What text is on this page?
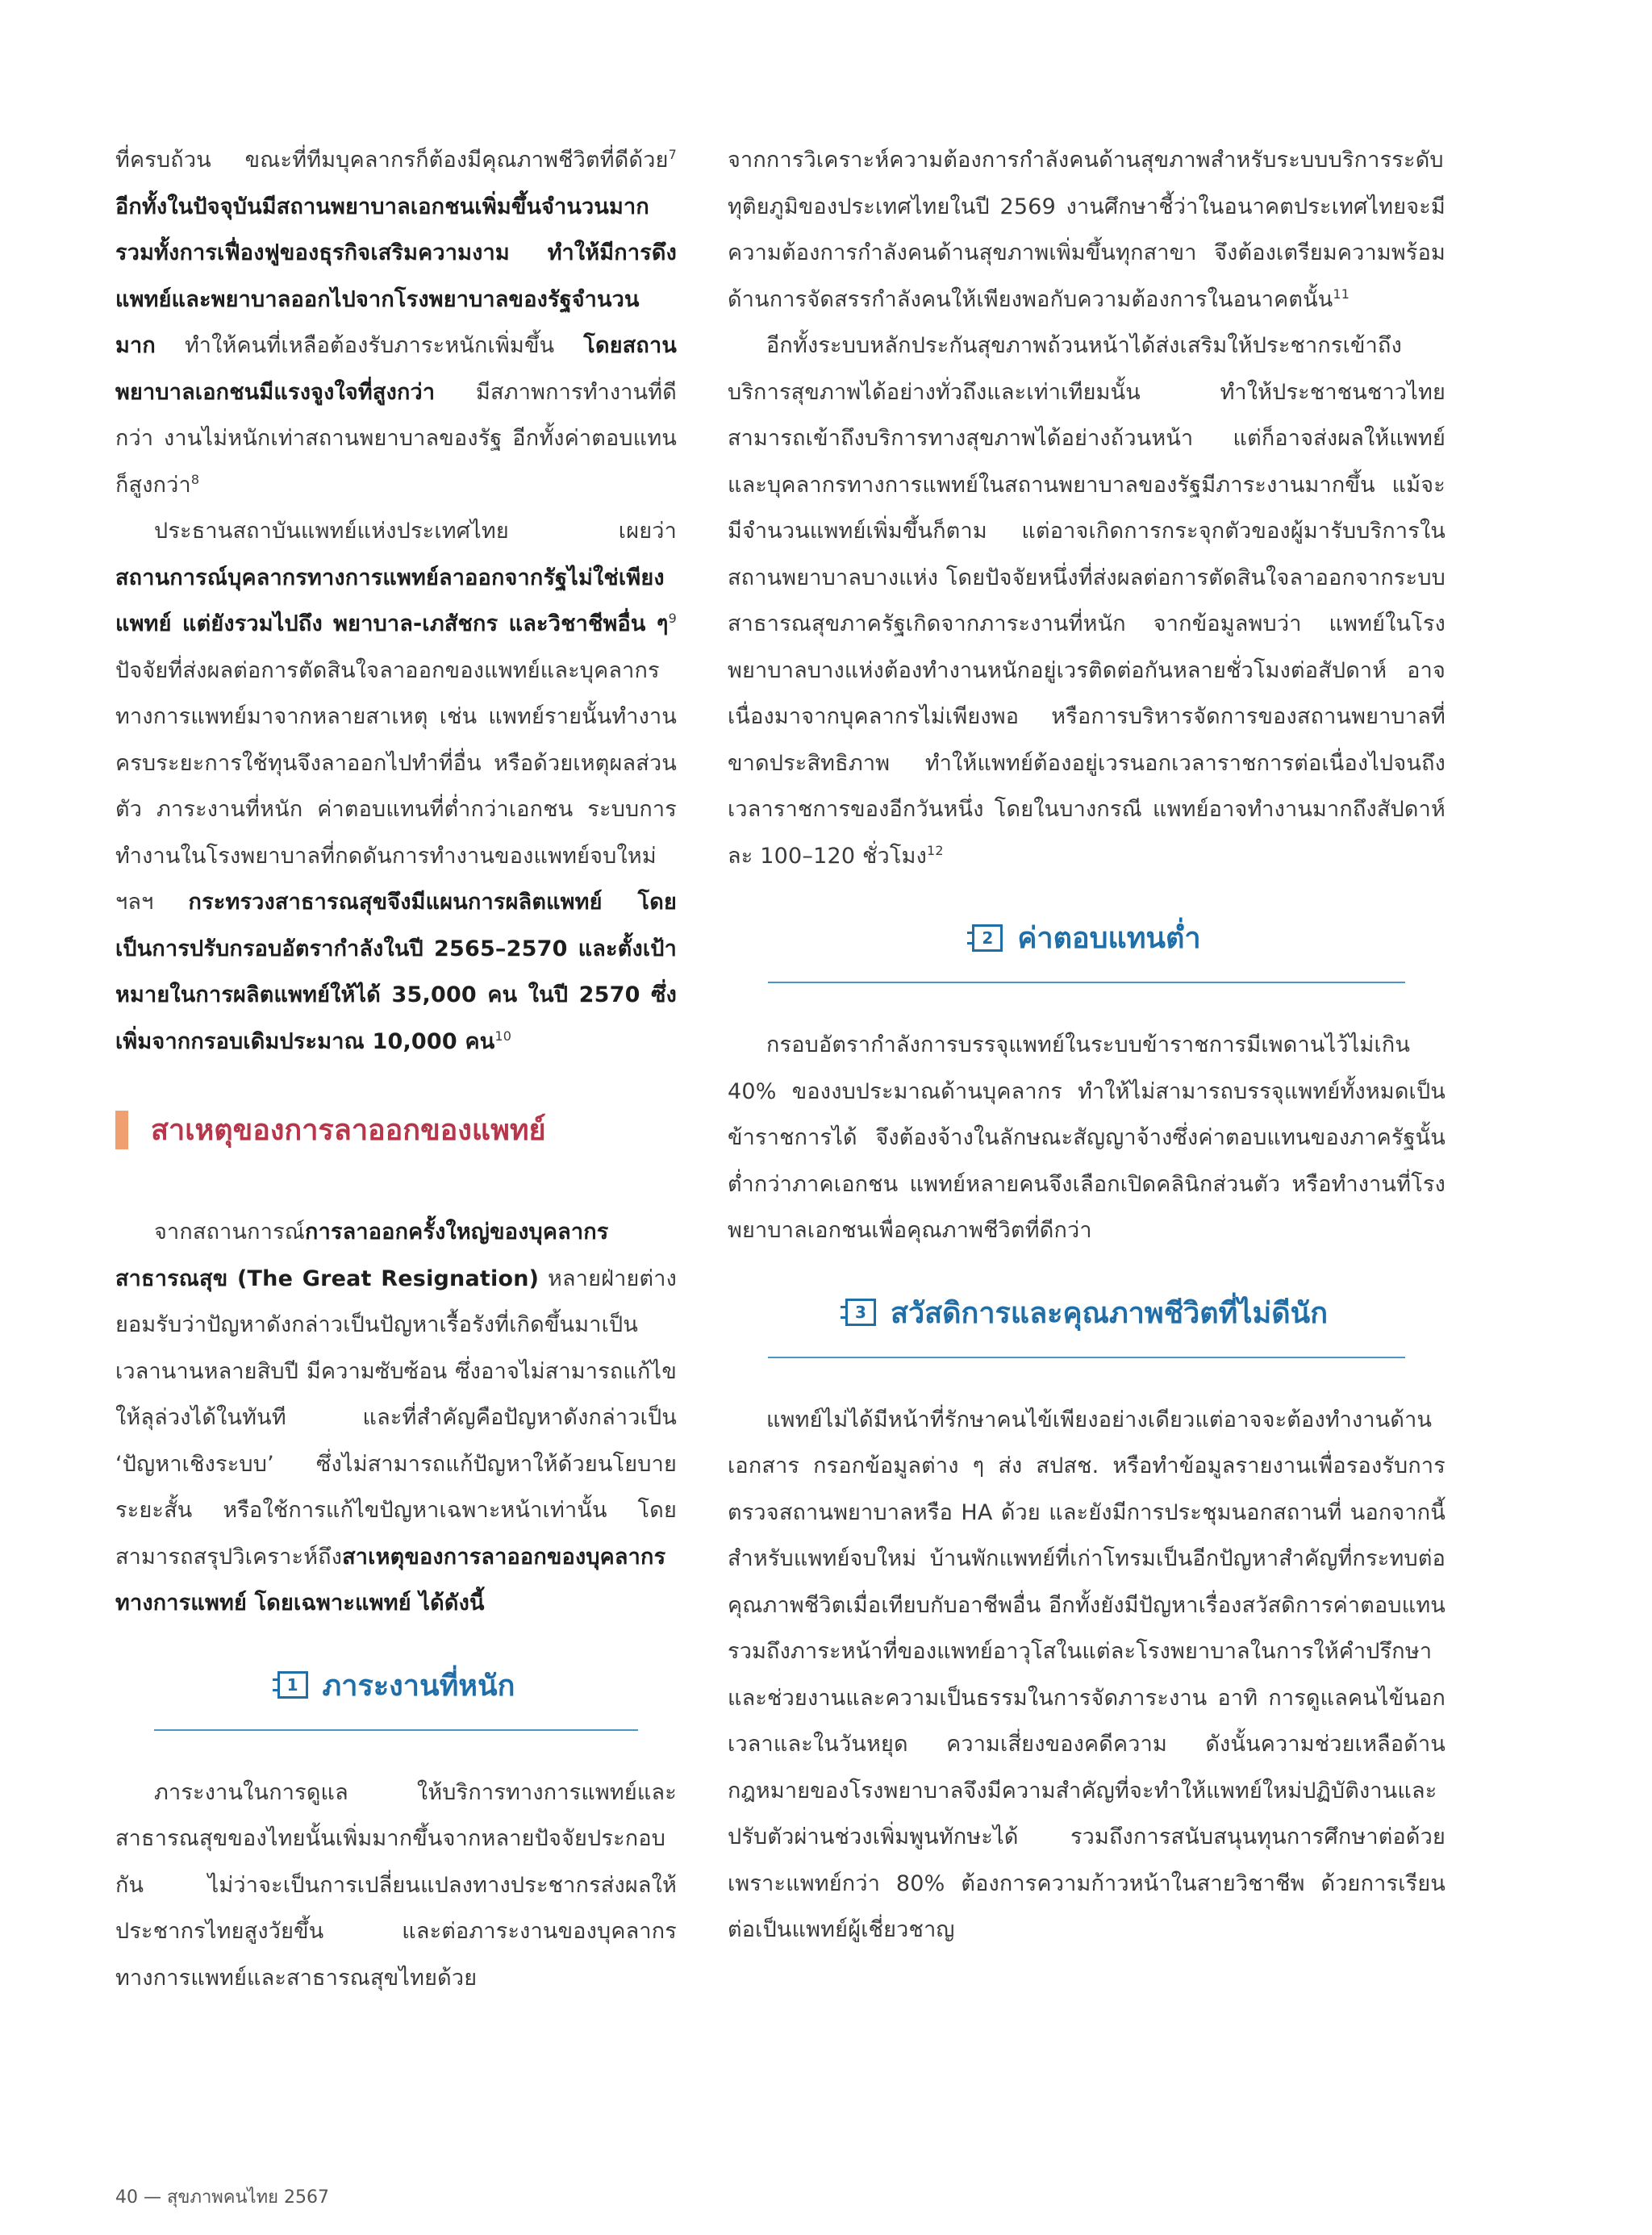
ที่ครบถ้วน ขณะที่ทีมบุคลากรก็ต้องมีคุณภาพชีวิตที่ดีด้วย$^7$ อีกทั้งในปัจจุบันมีสถานพยาบาลเอกชนเพิ่มขึ้นจำนวนมาก รวมทั้งการเฟื่องฟูของธุรกิจเสริมความงาม ทำให้มีการดึงแพทย์และพยาบาลออกไปจากโรงพยาบาลของรัฐจำนวนมาก ทำให้คนที่เหลือต้องรับภาระหนักเพิ่มขึ้น โดยสถานพยาบาลเอกชนมีแรงจูงใจที่สูงกว่า มีสภาพการทำงานที่ดีกว่า งานไม่หนักเท่าสถานพยาบาลของรัฐ อีกทั้งค่าตอบแทนก็สูงกว่า$^8$

ประธานสถาบันแพทย์แห่งประเทศไทย เผยว่า สถานการณ์บุคลากรทางการแพทย์ลาออกจากรัฐไม่ใช่เพียงแพทย์ แต่ยังรวมไปถึง พยาบาล-เภสัชกร และวิชาชีพอื่น ๆ$^9$ ปัจจัยที่ส่งผลต่อการตัดสินใจลาออกของแพทย์และบุคลากรทางการแพทย์มาจากหลายสาเหตุ เช่น แพทย์รายนั้นทำงานครบระยะการใช้ทุนจึงลาออกไปทำที่อื่น หรือด้วยเหตุผลส่วนตัว ภาระงานที่หนัก ค่าตอบแทนที่ต่ำกว่าเอกชน ระบบการทำงานในโรงพยาบาลที่กดดันการทำงานของแพทย์จบใหม่ ฯลฯ กระทรวงสาธารณสุขจึงมีแผนการผลิตแพทย์ โดยเป็นการปรับกรอบอัตรากำลังในปี 2565–2570 และตั้งเป้าหมายในการผลิตแพทย์ให้ได้ 35,000 คน ในปี 2570 ซึ่งเพิ่มจากกรอบเดิมประมาณ 10,000 คน$^{10}$

สาเหตุของการลาออกของแพทย์

จากสถานการณ์การลาออกครั้งใหญ่ของบุคลากรสาธารณสุข (The Great Resignation) หลายฝ่ายต่างยอมรับว่าปัญหาดังกล่าวเป็นปัญหาเรื้อรังที่เกิดขึ้นมาเป็นเวลานานหลายสิบปี มีความซับซ้อน ซึ่งอาจไม่สามารถแก้ไขให้ลุล่วงได้ในทันที และที่สำคัญคือปัญหาดังกล่าวเป็น ‘ปัญหาเชิงระบบ’ ซึ่งไม่สามารถแก้ปัญหาให้ด้วยนโยบายระยะสั้น หรือใช้การแก้ไขปัญหาเฉพาะหน้าเท่านั้น โดยสามารถสรุปวิเคราะห์ถึงสาเหตุของการลาออกของบุคลากรทางการแพทย์ โดยเฉพาะแพทย์ ได้ดังนี้

1 ภาระงานที่หนัก

ภาระงานในการดูแล ให้บริการทางการแพทย์และสาธารณสุขของไทยนั้นเพิ่มมากขึ้นจากหลายปัจจัยประกอบกัน ไม่ว่าจะเป็นการเปลี่ยนแปลงทางประชากรส่งผลให้ประชากรไทยสูงวัยขึ้น และต่อภาระงานของบุคลากรทางการแพทย์และสาธารณสุขไทยด้วย

จากการวิเคราะห์ความต้องการกำลังคนด้านสุขภาพสำหรับระบบบริการระดับทุติยภูมิของประเทศไทยในปี 2569 งานศึกษาชี้ว่าในอนาคตประเทศไทยจะมีความต้องการกำลังคนด้านสุขภาพเพิ่มขึ้นทุกสาขา จึงต้องเตรียมความพร้อมด้านการจัดสรรกำลังคนให้เพียงพอกับความต้องการในอนาคตนั้น$^{11}$

อีกทั้งระบบหลักประกันสุขภาพถ้วนหน้าได้ส่งเสริมให้ประชากรเข้าถึงบริการสุขภาพได้อย่างทั่วถึงและเท่าเทียมนั้น ทำให้ประชาชนชาวไทยสามารถเข้าถึงบริการทางสุขภาพได้อย่างถ้วนหน้า แต่ก็อาจส่งผลให้แพทย์และบุคลากรทางการแพทย์ในสถานพยาบาลของรัฐมีภาระงานมากขึ้น แม้จะมีจำนวนแพทย์เพิ่มขึ้นก็ตาม แต่อาจเกิดการกระจุกตัวของผู้มารับบริการในสถานพยาบาลบางแห่ง โดยปัจจัยหนึ่งที่ส่งผลต่อการตัดสินใจลาออกจากระบบสาธารณสุขภาครัฐเกิดจากภาระงานที่หนัก จากข้อมูลพบว่า แพทย์ในโรงพยาบาลบางแห่งต้องทำงานหนักอยู่เวรติดต่อกันหลายชั่วโมงต่อสัปดาห์ อาจเนื่องมาจากบุคลากรไม่เพียงพอ หรือการบริหารจัดการของสถานพยาบาลที่ขาดประสิทธิภาพ ทำให้แพทย์ต้องอยู่เวรนอกเวลาราชการต่อเนื่องไปจนถึงเวลาราชการของอีกวันหนึ่ง โดยในบางกรณี แพทย์อาจทำงานมากถึงสัปดาห์ละ 100–120 ชั่วโมง$^{12}$

2 ค่าตอบแทนต่ำ

กรอบอัตรากำลังการบรรจุแพทย์ในระบบข้าราชการมีเพดานไว้ไม่เกิน 40% ของงบประมาณด้านบุคลากร ทำให้ไม่สามารถบรรจุแพทย์ทั้งหมดเป็นข้าราชการได้ จึงต้องจ้างในลักษณะสัญญาจ้างซึ่งค่าตอบแทนของภาครัฐนั้นต่ำกว่าภาคเอกชน แพทย์หลายคนจึงเลือกเปิดคลินิกส่วนตัว หรือทำงานที่โรงพยาบาลเอกชนเพื่อคุณภาพชีวิตที่ดีกว่า

3 สวัสดิการและคุณภาพชีวิตที่ไม่ดีนัก

แพทย์ไม่ได้มีหน้าที่รักษาคนไข้เพียงอย่างเดียวแต่อาจจะต้องทำงานด้านเอกสาร กรอกข้อมูลต่าง ๆ ส่ง สปสช. หรือทำข้อมูลรายงานเพื่อรองรับการตรวจสถานพยาบาลหรือ HA ด้วย และยังมีการประชุมนอกสถานที่ นอกจากนี้สำหรับแพทย์จบใหม่ บ้านพักแพทย์ที่เก่าโทรมเป็นอีกปัญหาสำคัญที่กระทบต่อคุณภาพชีวิตเมื่อเทียบกับอาชีพอื่น อีกทั้งยังมีปัญหาเรื่องสวัสดิการค่าตอบแทน รวมถึงภาระหน้าที่ของแพทย์อาวุโสในแต่ละโรงพยาบาลในการให้คำปรึกษาและช่วยงานและความเป็นธรรมในการจัดภาระงาน อาทิ การดูแลคนไข้นอกเวลาและในวันหยุด ความเสี่ยงของคดีความ ดังนั้นความช่วยเหลือด้านกฎหมายของโรงพยาบาลจึงมีความสำคัญที่จะทำให้แพทย์ใหม่ปฏิบัติงานและปรับตัวผ่านช่วงเพิ่มพูนทักษะได้ รวมถึงการสนับสนุนทุนการศึกษาต่อด้วย เพราะแพทย์กว่า 80% ต้องการความก้าวหน้าในสายวิชาชีพ ด้วยการเรียนต่อเป็นแพทย์ผู้เชี่ยวชาญ

40 — สุขภาพคนไทย 2567
